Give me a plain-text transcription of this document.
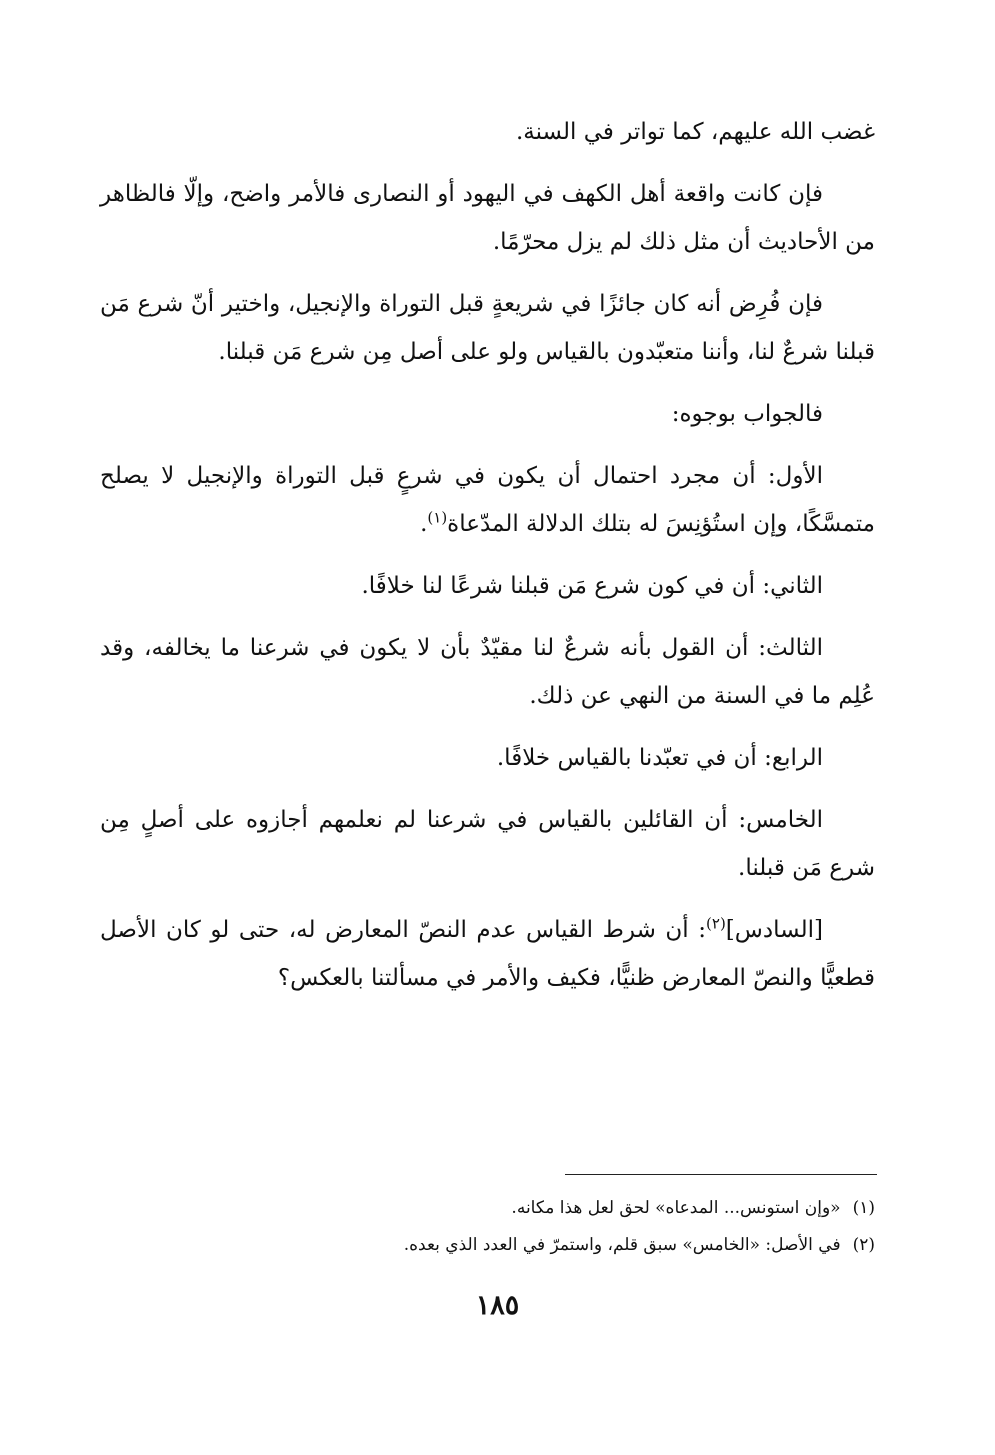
غضب الله عليهم، كما تواتر في السنة.

فإن كانت واقعة أهل الكهف في اليهود أو النصارى فالأمر واضح، وإلّا فالظاهر من الأحاديث أن مثل ذلك لم يزل محرّمًا.

فإن فُرِض أنه كان جائزًا في شريعةٍ قبل التوراة والإنجيل، واختير أنّ شرع مَن قبلنا شرعٌ لنا، وأننا متعبّدون بالقياس ولو على أصل مِن شرع مَن قبلنا.

فالجواب بوجوه:

الأول: أن مجرد احتمال أن يكون في شرعٍ قبل التوراة والإنجيل لا يصلح متمسَّكًا، وإن استُؤنِسَ له بتلك الدلالة المدّعاة$^{(١)}$.

الثاني: أن في كون شرع مَن قبلنا شرعًا لنا خلافًا.

الثالث: أن القول بأنه شرعٌ لنا مقيّدٌ بأن لا يكون في شرعنا ما يخالفه، وقد عُلِم ما في السنة من النهي عن ذلك.

الرابع: أن في تعبّدنا بالقياس خلافًا.

الخامس: أن القائلين بالقياس في شرعنا لم نعلمهم أجازوه على أصلٍ مِن شرع مَن قبلنا.

[السادس]$^{(٢)}$: أن شرط القياس عدم النصّ المعارض له، حتى لو كان الأصل قطعيًّا والنصّ المعارض ظنيًّا، فكيف والأمر في مسألتنا بالعكس؟

(١)«وإن استونس... المدعاه» لحق لعل هذا مكانه.

(٢)في الأصل: «الخامس» سبق قلم، واستمرّ في العدد الذي بعده.

١٨٥
